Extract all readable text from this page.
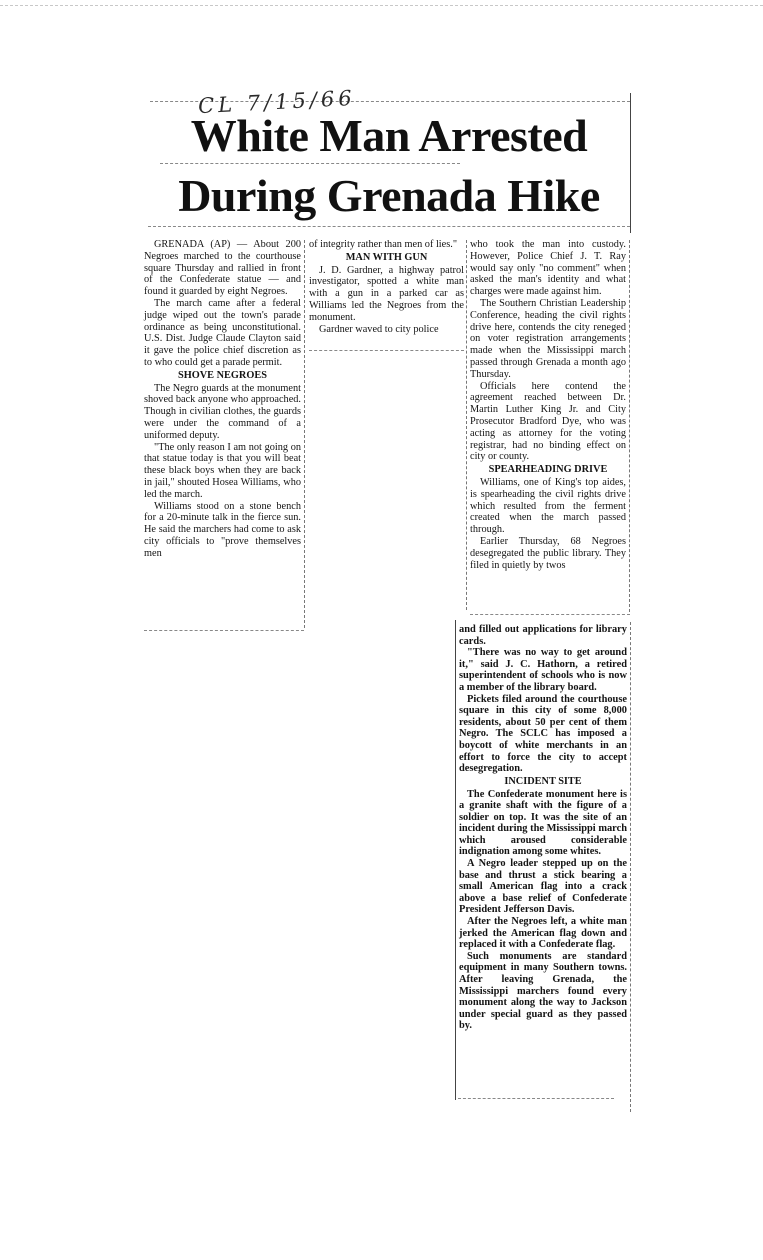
CL 7/15/66
White Man Arrested
During Grenada Hike

GRENADA (AP) — About 200 Negroes marched to the courthouse square Thursday and rallied in front of the Confederate statue — and found it guarded by eight Negroes.

The march came after a federal judge wiped out the town's parade ordinance as being unconstitutional. U.S. Dist. Judge Claude Clayton said it gave the police chief discretion as to who could get a parade permit.

SHOVE NEGROES

The Negro guards at the monument shoved back anyone who approached. Though in civilian clothes, the guards were under the command of a uniformed deputy.

"The only reason I am not going on that statue today is that you will beat these black boys when they are back in jail," shouted Hosea Williams, who led the march.

Williams stood on a stone bench for a 20-minute talk in the fierce sun. He said the marchers had come to ask city officials to "prove themselves men

of integrity rather than men of lies."

MAN WITH GUN

J. D. Gardner, a highway patrol investigator, spotted a white man with a gun in a parked car as Williams led the Negroes from the monument.

Gardner waved to city police

who took the man into custody. However, Police Chief J. T. Ray would say only "no comment" when asked the man's identity and what charges were made against him.

The Southern Christian Leadership Conference, heading the civil rights drive here, contends the city reneged on voter registration arrangements made when the Mississippi march passed through Grenada a month ago Thursday.

Officials here contend the agreement reached between Dr. Martin Luther King Jr. and City Prosecutor Bradford Dye, who was acting as attorney for the voting registrar, had no binding effect on city or county.

SPEARHEADING DRIVE

Williams, one of King's top aides, is spearheading the civil rights drive which resulted from the ferment created when the march passed through.

Earlier Thursday, 68 Negroes desegregated the public library. They filed in quietly by twos

and filled out applications for library cards.

"There was no way to get around it," said J. C. Hathorn, a retired superintendent of schools who is now a member of the library board.

Pickets filed around the courthouse square in this city of some 8,000 residents, about 50 per cent of them Negro. The SCLC has imposed a boycott of white merchants in an effort to force the city to accept desegregation.

INCIDENT SITE

The Confederate monument here is a granite shaft with the figure of a soldier on top. It was the site of an incident during the Mississippi march which aroused considerable indignation among some whites.

A Negro leader stepped up on the base and thrust a stick bearing a small American flag into a crack above a base relief of Confederate President Jefferson Davis.

After the Negroes left, a white man jerked the American flag down and replaced it with a Confederate flag.

Such monuments are standard equipment in many Southern towns. After leaving Grenada, the Mississippi marchers found every monument along the way to Jackson under special guard as they passed by.
